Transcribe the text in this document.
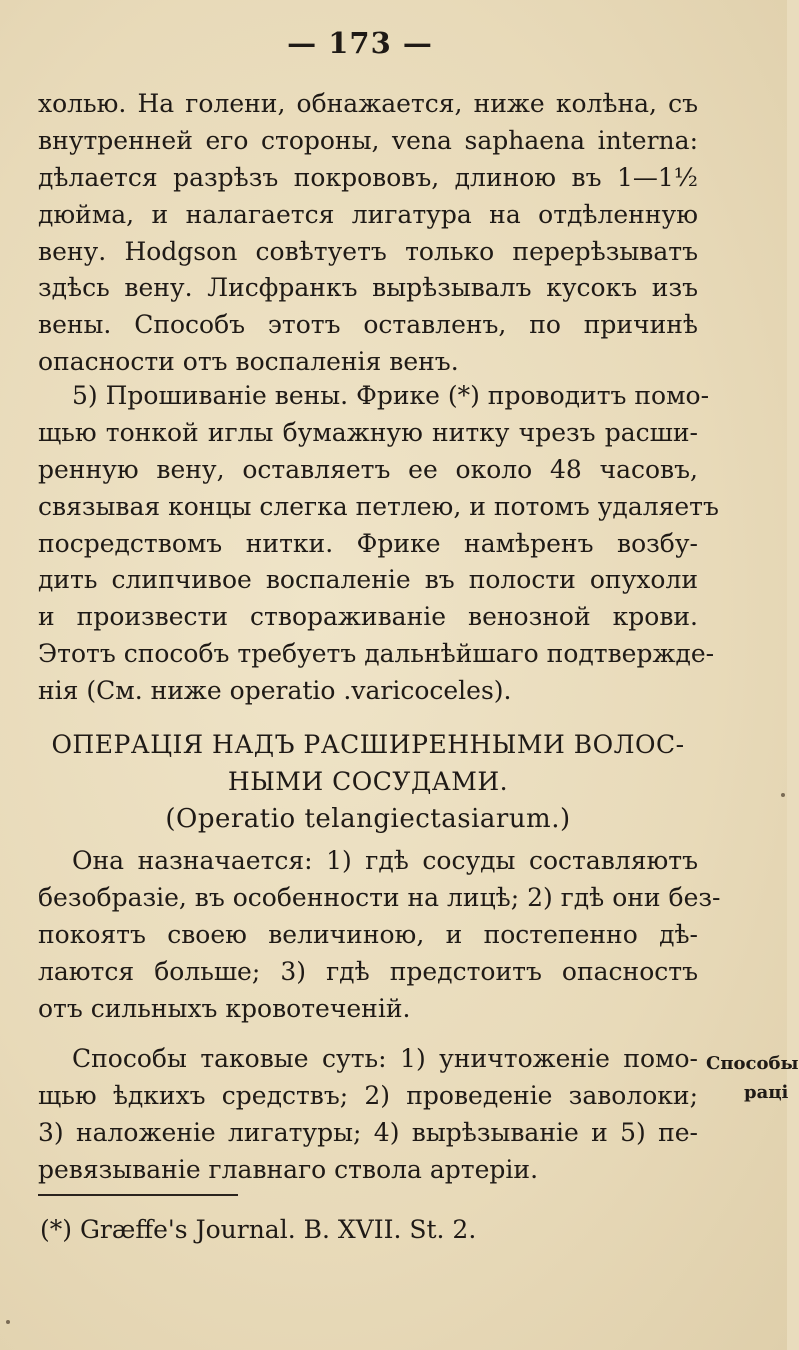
— 173 —
холью. На голени, обнажается, ниже колѣна, съ
внутренней его стороны, vena saphaena interna:
дѣлается разрѣзъ покрововъ, длиною въ 1—1½
дюйма, и налагается лигатура на отдѣленную
вену. Hodgson совѣтуетъ только перерѣзыватъ
здѣсь вену. Лисфранкъ вырѣзывалъ кусокъ изъ
вены. Способъ этотъ оставленъ, по причинѣ
опасности отъ воспаленія венъ.
5) Прошиваніе вены. Фрике (*) проводитъ помо-
щью тонкой иглы бумажную нитку чрезъ расши-
ренную вену, оставляетъ ее около 48 часовъ,
связывая концы слегка петлею, и потомъ удаляетъ
посредствомъ нитки. Фрике намѣренъ возбу-
дить слипчивое воспаленіе въ полости опухоли
и произвести створаживаніе венозной крови.
Этотъ способъ требуетъ дальнѣйшаго подтвержде-
нія (См. ниже operatio .varicoceles).
ОПЕРАЦІЯ НАДЪ РАСШИРЕННЫМИ ВОЛОС-
НЫМИ СОСУДАМИ.
(Operatio telangiectasiarum.)
Она назначается: 1) гдѣ сосуды составляютъ
безобразіе, въ особенности на лицѣ; 2) гдѣ они без-
покоятъ своею величиною, и постепенно дѣ-
лаются больше; 3) гдѣ предстоитъ опасностъ
отъ сильныхъ кровотеченій.
Способы таковые суть: 1) уничтоженіе помо-
щью ѣдкихъ средствъ; 2) проведеніе заволоки;
3) наложеніе лигатуры; 4) вырѣзываніе и 5) пе-
ревязываніе главнаго ствола артеріи.
Способы
раці
(*) Græffe's Journal. B. XVII. St. 2.
